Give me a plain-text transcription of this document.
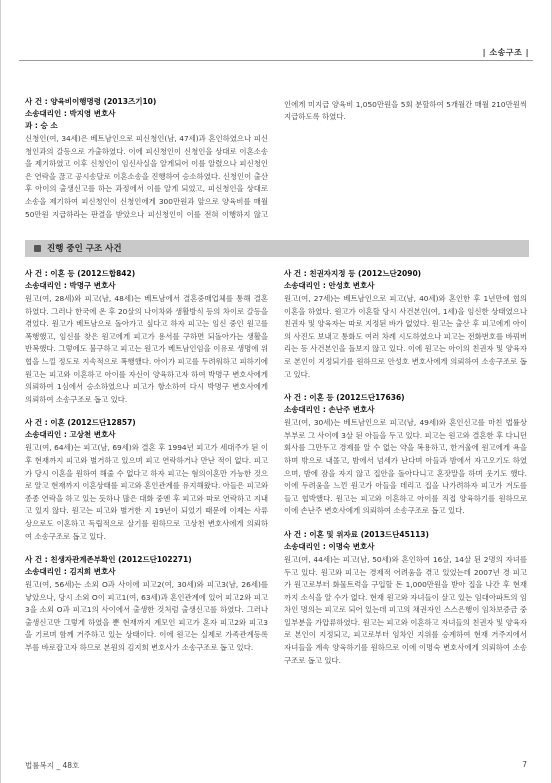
| 소송구조 |
사 건 : 양육비이행명령 (2013즈기10)
소송대리인 : 박지영 변호사
과 : 승 소
신청인(여, 34세)은 베트남인으로 피신청인(남, 47세)과 혼인하였으나 피신청인과의 갈등으로 가출하였다. 이에 피신청인이 신청인을 상대로 이혼소송을 제기하였고 이후 신청인이 임신사실을 알게되어 이를 알렸으나 피신청인은 연락을 끊고 공시송달로 이혼소송을 진행하여 승소하였다. 신청인이 출산 후 아이의 출생신고를 하는 과정에서 이를 알게 되었고, 피신청인을 상대로 소송을 제기하여 피신청인이 신청인에게 300만원과 앞으로 양육비를 매월 50만원 지급하라는 판결을 받았으나 피신청인이 이를 전혀 이행하지 않고
인에게 미지급 양육비 1,050만원을 5회 분할하여 5개월간 매월 210만원씩 지급하도록 하였다.
진행 중인 구조 사건
사 건 : 이혼 등 (2012드합842)
소송대리인 : 박명구 변호사
원고(여, 28세)와 피고(남, 48세)는 베트남에서 결혼중매업체를 통해 결혼하였다. 그러나 한국에 온 후 20살의 나이차와 생활방식 등의 차이로 갈등을 겪었다. 원고가 베트남으로 돌아가고 싶다고 하자 피고는 임신 중인 원고를 폭행했고, 임신를 찾은 원고에게 피고가 용서를 구하면 되돌아가는 생활을 반복했다. 그렇에도 불구하고 피고는 원고가 베트남인임을 이유로 생명에 위협을 느낄 정도로 지속적으로 폭행했다. 아이가 피고를 두려워하고 피하기에 원고는 피고와 이혼하고 아이를 자신이 양육하고자 하여 박명구 변호사에게 의뢰하여 1심에서 승소하였으나 피고가 항소하여 다시 박명구 변호사에게 의뢰하여 소송구조로 돕고 있다.
사 건 : 이혼 (2012드단12857)
소송대리인 : 고상천 변호사
원고(여, 64세)는 피고(남, 69세)와 결혼 후 1994년 피고가 세대주가 된 이후 현재까지 피고와 별거하고 있으며 피고 연락하거나 만난 적이 없다. 피고가 당시 이혼을 원하여 해줄 수 없다고 하자 피고는 혐의이혼만 가능한 것으로 알고 현재까지 이혼상태를 피고와 혼인관계를 유지해왔다. 아들은 피고와 종종 연락을 하고 있는 듯하나 많은 대화 중엔 후 피고와 따로 연락하고 지내고 있지 않다. 원고는 피고와 별거한 지 19년이 되었기 때문에 이제는 사류상으로도 이혼하고 독립적으로 살기를 원하므로 고상천 변호사에게 의뢰하여 소송구조로 돕고 있다.
사 건 : 친생자관계존부확인 (2012드단102271)
소송대리인 : 김지희 변호사
원고(여, 56세)는 소외 O과 사이에 피고2(여, 30세)와 피고3(남, 26세)를 낳았으나, 당시 소외 O이 피고1(여, 63세)과 혼인관계에 있어 피고2와 피고3을 소외 O과 피고1의 사이에서 출생한 것처럼 출생신고를 하였다. 그러나 출생신고만 그렇게 하였을 뿐 현재까지 계모인 피고가 혼자 피고2와 피고3을 기르며 함께 거주하고 있는 상태이다. 이에 원고는 실제로 가족관계등록부를 바로잡고자 하므로 본원의 김지희 변호사가 소송구조로 돕고 있다.
사 건 : 친권자지정 등 (2012느단2090)
소송대리인 : 안성호 변호사
원고(여, 27세)는 베트남인으로 피고(남, 40세)와 혼인한 후 1년만에 협의이혼을 하였다. 원고가 이혼할 당시 사건본인(여, 1세)을 임신한 상태였으나 친권자 및 양육자는 따로 지정된 바가 없었다. 원고는 출산 후 피고에게 아이의 사진도 보내고 통화도 여러 차례 시도하였으나 피고는 전화번호를 바꿔버리는 등 사건본인을 돌보지 않고 있다. 이에 원고는 아이의 친권자 및 양육자로 본인이 지정되기를 원하므로 안성호 변호사에게 의뢰하여 소송구조로 돕고 있다.
사 건 : 이혼 등 (2012드단17636)
소송대리인 : 손난주 변호사
원고(여, 30세)는 베트남인으로 피고(남, 49세)와 혼인신고를 마친 법률상 부부로 그 사이에 3살 된 아들을 두고 있다. 피고는 원고와 결혼한 후 다니던 회사를 그만두고 경제를 알 수 없는 약을 복용하고, 한겨울에 원고에게 욕을하며 밖으로 내몰고, 밤에서 넘세가 난다며 아들과 밤에서 자고오기도 하였으며, 밤에 잠을 자지 않고 집안을 돌아다니고 혼잣말을 하며 웃기도 했다. 이에 두려움을 느낀 원고가 아들을 데리고 집을 나가려하자 피고가 겨도를 들고 협박했다. 원고는 피고와 이혼하고 아이를 직접 양육하기를 원하므로 이에 손난주 변호사에게 의뢰하여 소송구조로 돕고 있다.
사 건 : 이혼 및 위자료 (2013드단45113)
소송대리인 : 이명숙 변호사
원고(여, 44세)는 피고(남, 50세)와 혼인하여 16살, 14살 된 2명의 자녀를 두고 있다. 원고와 피고는 경제적 어려움을 겪고 있었는데 2007년 경 피고가 원고로부터 화물트럭을 구입할 돈 1,000만원을 받아 집을 나간 후 현재까지 소식을 알 수가 없다. 현재 원고와 자녀들이 살고 있는 임대아파트의 임차인 명의는 피고로 되어 있는데 피고의 채권자인 스스은행이 임차보증금 중 일부분을 가압류하였다. 원고는 피고와 이혼하고 자녀들의 친권자 및 양육자로 본인이 지정되고, 피고로부터 임차인 지위를 승계하여 현재 거주지에서 자녀들을 계속 양육하기를 원하므로 이에 이명숙 변호사에게 의뢰하여 소송구조로 돕고 있다.
법률복지 _ 48호	7
